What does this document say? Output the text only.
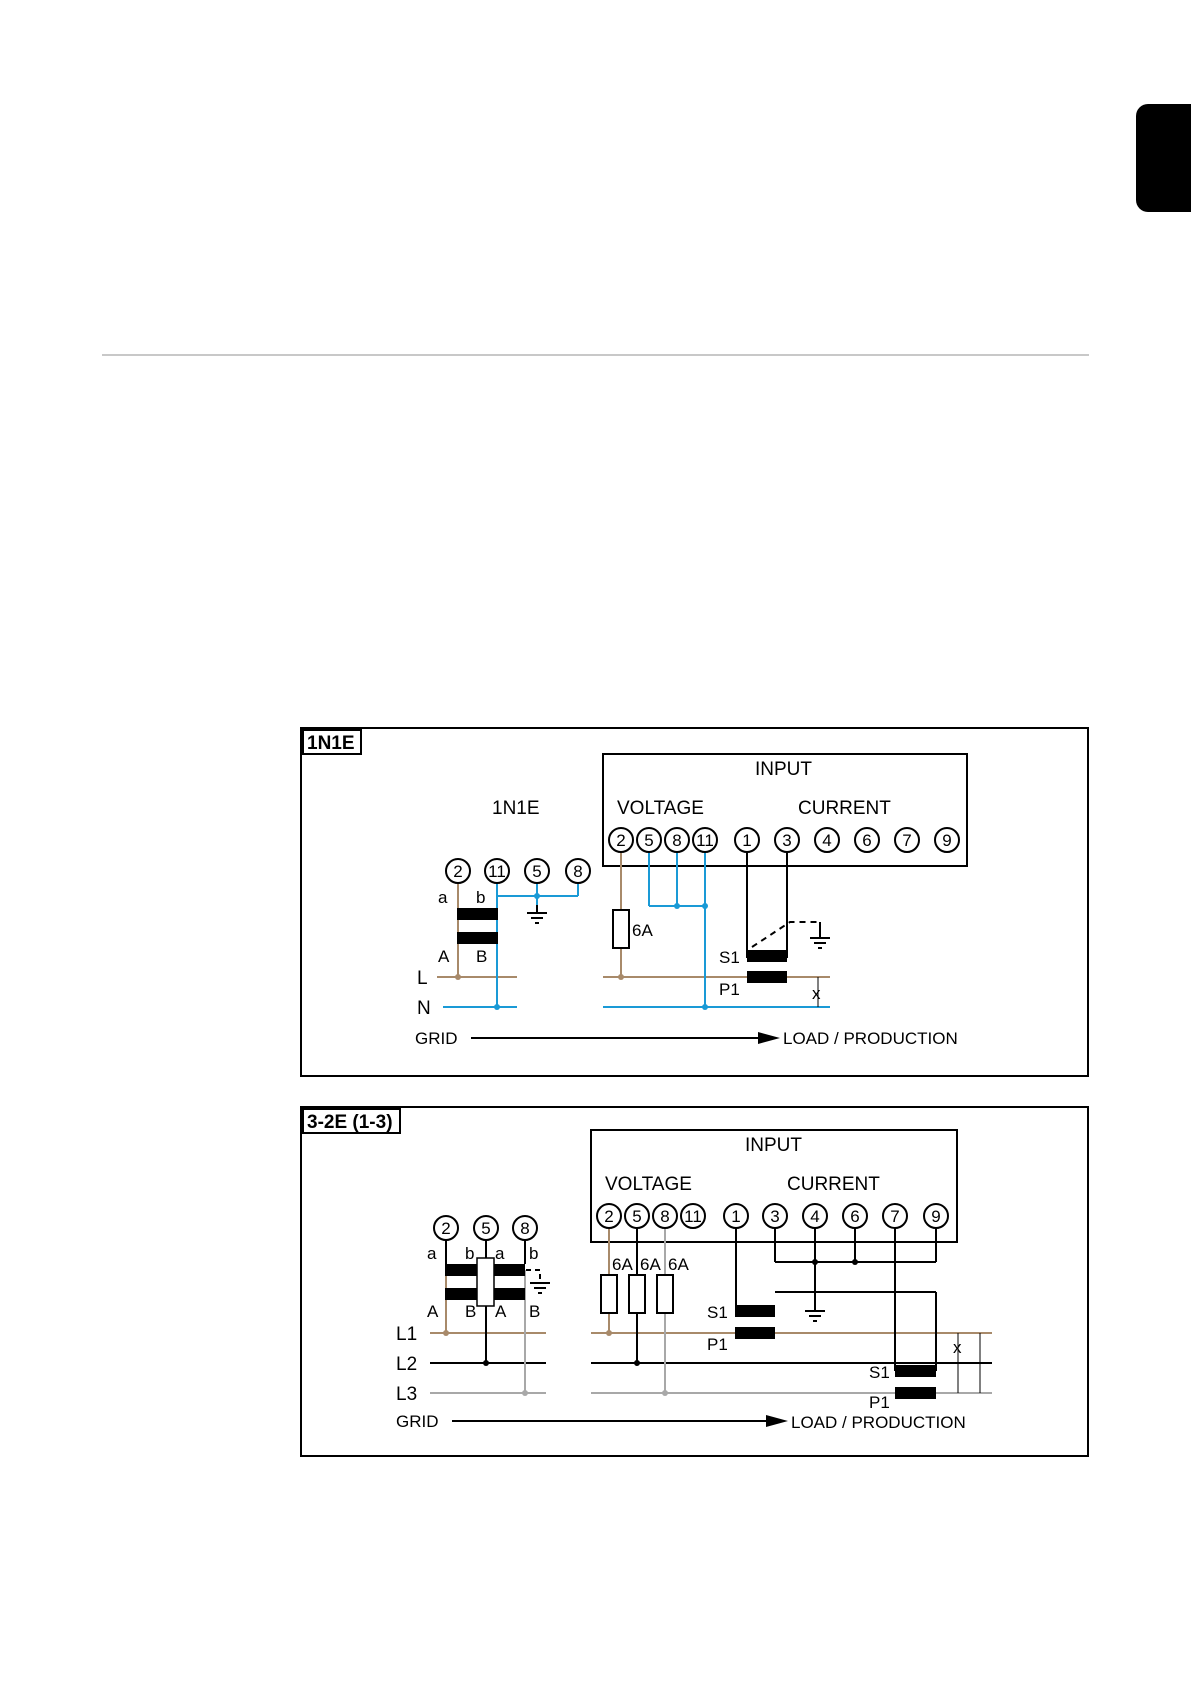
1N1E
INPUT
VOLTAGE	CURRENT
1N1E
2 5 8 11 1 3 4 6 7 9
2 11 5 8
a b
A B
6A
S1
P1
L
N
GRID	LOAD / PRODUCTION
x
3-2E (1-3)
INPUT
VOLTAGE	CURRENT
2 5 8 11 1 3 4 6 7 9
2 5 8
a b a b
A B A B
6A 6A 6A
S1
P1
S1
P1
L1
L2
L3
GRID	LOAD / PRODUCTION
x
